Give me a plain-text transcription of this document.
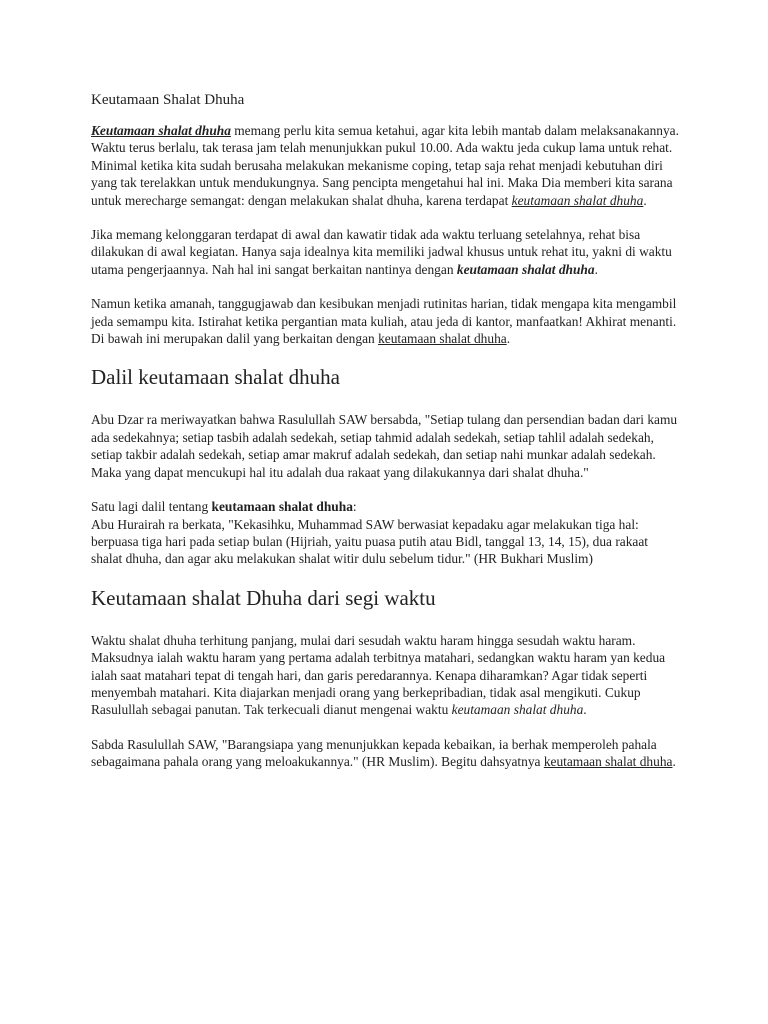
Keutamaan Shalat Dhuha

Keutamaan shalat dhuha memang perlu kita semua ketahui, agar kita lebih mantab dalam melaksanakannya. Waktu terus berlalu, tak terasa jam telah menunjukkan pukul 10.00. Ada waktu jeda cukup lama untuk rehat. Minimal ketika kita sudah berusaha melakukan mekanisme coping, tetap saja rehat menjadi kebutuhan diri yang tak terelakkan untuk mendukungnya. Sang pencipta mengetahui hal ini. Maka Dia memberi kita sarana untuk merecharge semangat: dengan melakukan shalat dhuha, karena terdapat keutamaan shalat dhuha.

Jika memang kelonggaran terdapat di awal dan kawatir tidak ada waktu terluang setelahnya, rehat bisa dilakukan di awal kegiatan. Hanya saja idealnya kita memiliki jadwal khusus untuk rehat itu, yakni di waktu utama pengerjaannya. Nah hal ini sangat berkaitan nantinya dengan keutamaan shalat dhuha.

Namun ketika amanah, tanggugjawab dan kesibukan menjadi rutinitas harian, tidak mengapa kita mengambil jeda semampu kita. Istirahat ketika pergantian mata kuliah, atau jeda di kantor, manfaatkan! Akhirat menanti. Di bawah ini merupakan dalil yang berkaitan dengan keutamaan shalat dhuha.

Dalil keutamaan shalat dhuha

Abu Dzar ra meriwayatkan bahwa Rasulullah SAW bersabda, "Setiap tulang dan persendian badan dari kamu ada sedekahnya; setiap tasbih adalah sedekah, setiap tahmid adalah sedekah, setiap tahlil adalah sedekah, setiap takbir adalah sedekah, setiap amar makruf adalah sedekah, dan setiap nahi munkar adalah sedekah. Maka yang dapat mencukupi hal itu adalah dua rakaat yang dilakukannya dari shalat dhuha."

Satu lagi dalil tentang keutamaan shalat dhuha:
Abu Hurairah ra berkata, "Kekasihku, Muhammad SAW berwasiat kepadaku agar melakukan tiga hal: berpuasa tiga hari pada setiap bulan (Hijriah, yaitu puasa putih atau Bidl, tanggal 13, 14, 15), dua rakaat shalat dhuha, dan agar aku melakukan shalat witir dulu sebelum tidur." (HR Bukhari Muslim)

Keutamaan shalat Dhuha dari segi waktu

Waktu shalat dhuha terhitung panjang, mulai dari sesudah waktu haram hingga sesudah waktu haram. Maksudnya ialah waktu haram yang pertama adalah terbitnya matahari, sedangkan waktu haram yan kedua ialah saat matahari tepat di tengah hari, dan garis peredarannya. Kenapa diharamkan? Agar tidak seperti menyembah matahari. Kita diajarkan menjadi orang yang berkepribadian, tidak asal mengikuti. Cukup Rasulullah sebagai panutan. Tak terkecuali dianut mengenai waktu keutamaan shalat dhuha.

Sabda Rasulullah SAW, "Barangsiapa yang menunjukkan kepada kebaikan, ia berhak memperoleh pahala sebagaimana pahala orang yang meloakukannya." (HR Muslim). Begitu dahsyatnya keutamaan shalat dhuha.
